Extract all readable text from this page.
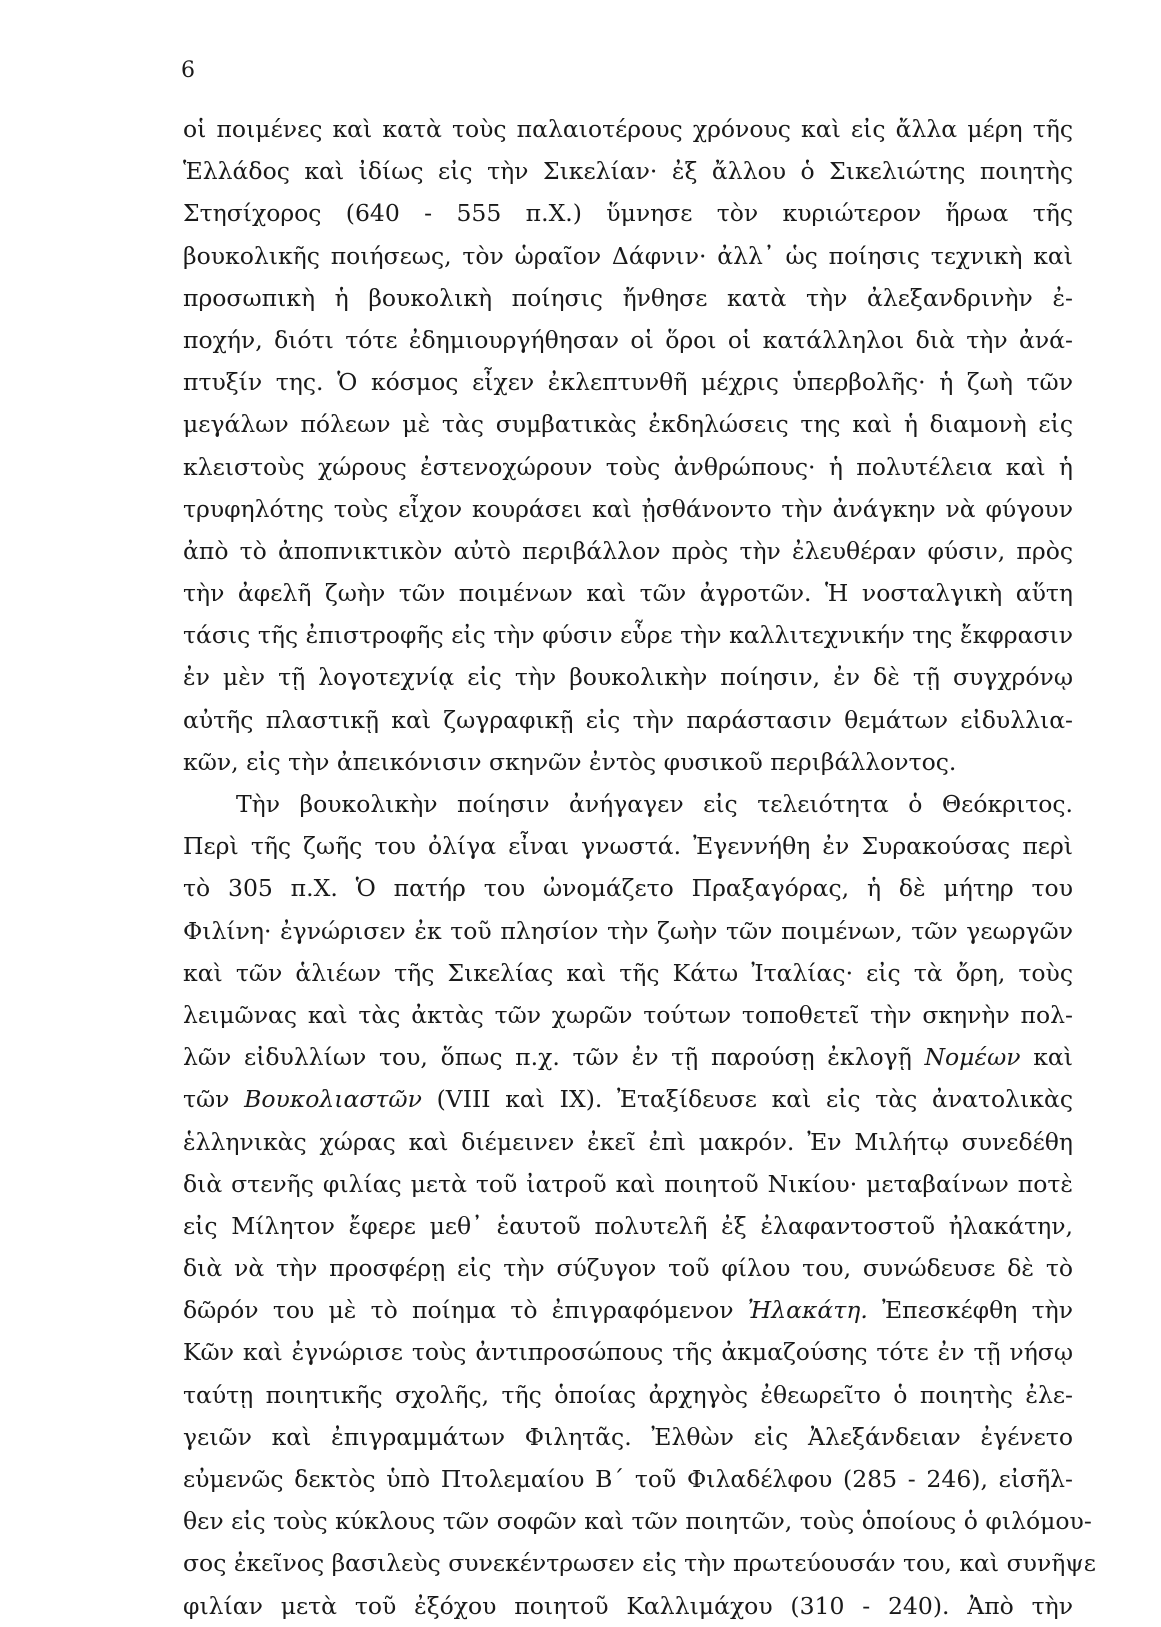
6
οἱ ποιμένες καὶ κατὰ τοὺς παλαιοτέρους χρόνους καὶ εἰς ἄλλα μέρη τῆς
Ἑλλάδος καὶ ἰδίως εἰς τὴν Σικελίαν· ἐξ ἄλλου ὁ Σικελιώτης ποιητὴς
Στησίχορος (640 - 555 π.Χ.) ὕμνησε τὸν κυριώτερον ἥρωα τῆς
βουκολικῆς ποιήσεως, τὸν ὡραῖον Δάφνιν· ἀλλ᾿ ὡς ποίησις τεχνικὴ καὶ
προσωπικὴ ἡ βουκολικὴ ποίησις ἤνθησε κατὰ τὴν ἀλεξανδρινὴν ἐ-
ποχήν, διότι τότε ἐδημιουργήθησαν οἱ ὅροι οἱ κατάλληλοι διὰ τὴν ἀνά-
πτυξίν της. Ὁ κόσμος εἶχεν ἐκλεπτυνθῆ μέχρις ὑπερβολῆς· ἡ ζωὴ τῶν
μεγάλων πόλεων μὲ τὰς συμβατικὰς ἐκδηλώσεις της καὶ ἡ διαμονὴ εἰς
κλειστοὺς χώρους ἐστενοχώρουν τοὺς ἀνθρώπους· ἡ πολυτέλεια καὶ ἡ
τρυφηλότης τοὺς εἶχον κουράσει καὶ ᾐσθάνοντο τὴν ἀνάγκην νὰ φύγουν
ἀπὸ τὸ ἀποπνικτικὸν αὐτὸ περιβάλλον πρὸς τὴν ἐλευθέραν φύσιν, πρὸς
τὴν ἀφελῆ ζωὴν τῶν ποιμένων καὶ τῶν ἀγροτῶν. Ἡ νοσταλγικὴ αὕτη
τάσις τῆς ἐπιστροφῆς εἰς τὴν φύσιν εὗρε τὴν καλλιτεχνικήν της ἔκφρασιν
ἐν μὲν τῇ λογοτεχνίᾳ εἰς τὴν βουκολικὴν ποίησιν, ἐν δὲ τῇ συγχρόνῳ
αὐτῆς πλαστικῇ καὶ ζωγραφικῇ εἰς τὴν παράστασιν θεμάτων εἰδυλλια-
κῶν, εἰς τὴν ἀπεικόνισιν σκηνῶν ἐντὸς φυσικοῦ περιβάλλοντος.
Τὴν βουκολικὴν ποίησιν ἀνήγαγεν εἰς τελειότητα ὁ Θεόκριτος.
Περὶ τῆς ζωῆς του ὀλίγα εἶναι γνωστά. Ἐγεννήθη ἐν Συρακούσας περὶ
τὸ 305 π.Χ. Ὁ πατήρ του ὠνομάζετο Πραξαγόρας, ἡ δὲ μήτηρ του
Φιλίνη· ἐγνώρισεν ἐκ τοῦ πλησίον τὴν ζωὴν τῶν ποιμένων, τῶν γεωργῶν
καὶ τῶν ἁλιέων τῆς Σικελίας καὶ τῆς Κάτω Ἰταλίας· εἰς τὰ ὄρη, τοὺς
λειμῶνας καὶ τὰς ἀκτὰς τῶν χωρῶν τούτων τοποθετεῖ τὴν σκηνὴν πολ-
λῶν εἰδυλλίων του, ὅπως π.χ. τῶν ἐν τῇ παρούσῃ ἐκλογῇ Νομέων καὶ
τῶν Βουκολιαστῶν (VIII καὶ IX). Ἐταξίδευσε καὶ εἰς τὰς ἀνατολικὰς
ἑλληνικὰς χώρας καὶ διέμεινεν ἐκεῖ ἐπὶ μακρόν. Ἐν Μιλήτῳ συνεδέθη
διὰ στενῆς φιλίας μετὰ τοῦ ἰατροῦ καὶ ποιητοῦ Νικίου· μεταβαίνων ποτὲ
εἰς Μίλητον ἔφερε μεθ᾿ ἑαυτοῦ πολυτελῆ ἐξ ἐλαφαντοστοῦ ἠλακάτην,
διὰ νὰ τὴν προσφέρῃ εἰς τὴν σύζυγον τοῦ φίλου του, συνώδευσε δὲ τὸ
δῶρόν του μὲ τὸ ποίημα τὸ ἐπιγραφόμενον Ἠλακάτη. Ἐπεσκέφθη τὴν
Κῶν καὶ ἐγνώρισε τοὺς ἀντιπροσώπους τῆς ἀκμαζούσης τότε ἐν τῇ νήσῳ
ταύτῃ ποιητικῆς σχολῆς, τῆς ὁποίας ἀρχηγὸς ἐθεωρεῖτο ὁ ποιητὴς ἐλε-
γειῶν καὶ ἐπιγραμμάτων Φιλητᾶς. Ἐλθὼν εἰς Ἀλεξάνδειαν ἐγένετο
εὐμενῶς δεκτὸς ὑπὸ Πτολεμαίου Β´ τοῦ Φιλαδέλφου (285 - 246), εἰσῆλ-
θεν εἰς τοὺς κύκλους τῶν σοφῶν καὶ τῶν ποιητῶν, τοὺς ὁποίους ὁ φιλόμου-
σος ἐκεῖνος βασιλεὺς συνεκέντρωσεν εἰς τὴν πρωτεύουσάν του, καὶ συνῆψε
φιλίαν μετὰ τοῦ ἐξόχου ποιητοῦ Καλλιμάχου (310 - 240). Ἀπὸ τὴν
